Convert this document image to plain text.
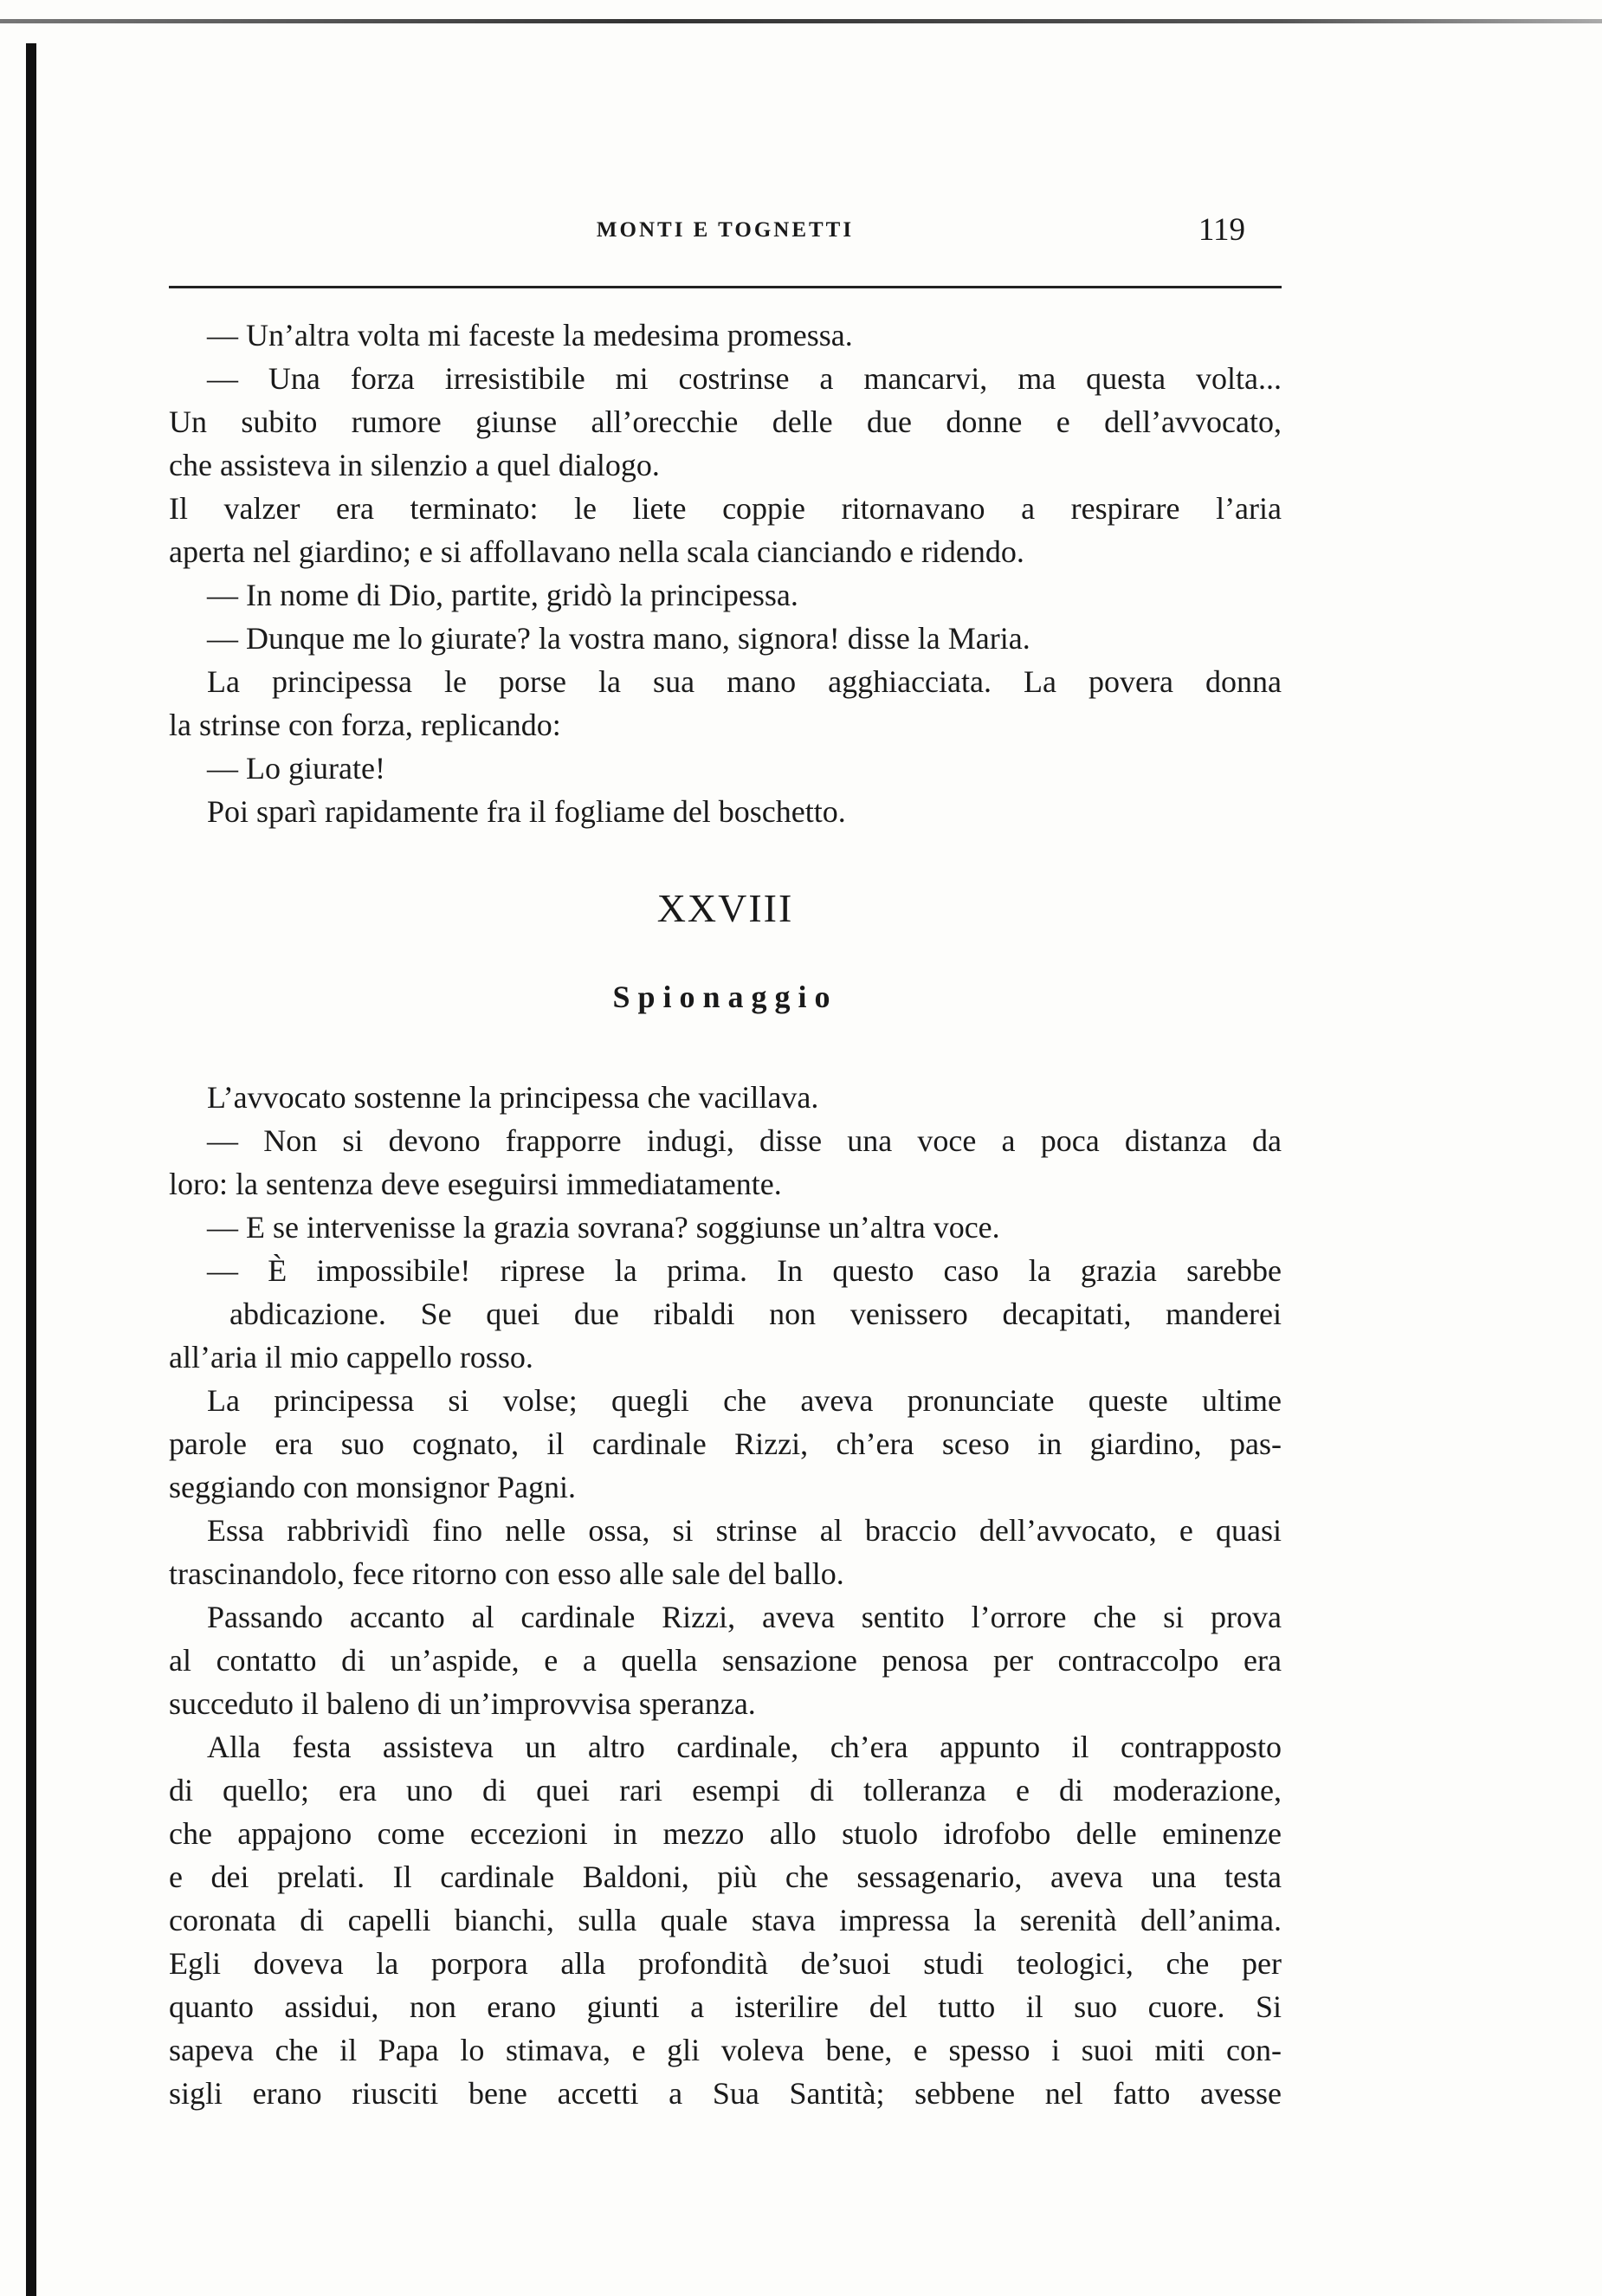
MONTI E TOGNETTI	119

— Un’altra volta mi faceste la medesima promessa.

— Una forza irresistibile mi costrinse a mancarvi, ma questa volta...

Un subito rumore giunse all’orecchie delle due donne e dell’avvocato,

che assisteva in silenzio a quel dialogo.

Il valzer era terminato: le liete coppie ritornavano a respirare l’aria

aperta nel giardino; e si affollavano nella scala cianciando e ridendo.

— In nome di Dio, partite, gridò la principessa.

— Dunque me lo giurate? la vostra mano, signora! disse la Maria.

La principessa le porse la sua mano agghiacciata. La povera donna

la strinse con forza, replicando:

— Lo giurate!

Poi sparì rapidamente fra il fogliame del boschetto.

XXVIII
Spionaggio

L’avvocato sostenne la principessa che vacillava.

— Non si devono frapporre indugi, disse una voce a poca distanza da

loro: la sentenza deve eseguirsi immediatamente.

— E se intervenisse la grazia sovrana? soggiunse un’altra voce.

— È impossibile! riprese la prima. In questo caso la grazia sarebbe

abdicazione. Se quei due ribaldi non venissero decapitati, manderei

all’aria il mio cappello rosso.

La principessa si volse; quegli che aveva pronunciate queste ultime

parole era suo cognato, il cardinale Rizzi, ch’era sceso in giardino, pas-

seggiando con monsignor Pagni.

Essa rabbrividì fino nelle ossa, si strinse al braccio dell’avvocato, e quasi

trascinandolo, fece ritorno con esso alle sale del ballo.

Passando accanto al cardinale Rizzi, aveva sentito l’orrore che si prova

al contatto di un’aspide, e a quella sensazione penosa per contraccolpo era

succeduto il baleno di un’improvvisa speranza.

Alla festa assisteva un altro cardinale, ch’era appunto il contrapposto

di quello; era uno di quei rari esempi di tolleranza e di moderazione,

che appajono come eccezioni in mezzo allo stuolo idrofobo delle eminenze

e dei prelati. Il cardinale Baldoni, più che sessagenario, aveva una testa

coronata di capelli bianchi, sulla quale stava impressa la serenità dell’anima.

Egli doveva la porpora alla profondità de’suoi studi teologici, che per

quanto assidui, non erano giunti a isterilire del tutto il suo cuore. Si

sapeva che il Papa lo stimava, e gli voleva bene, e spesso i suoi miti con-

sigli erano riusciti bene accetti a Sua Santità; sebbene nel fatto avesse
